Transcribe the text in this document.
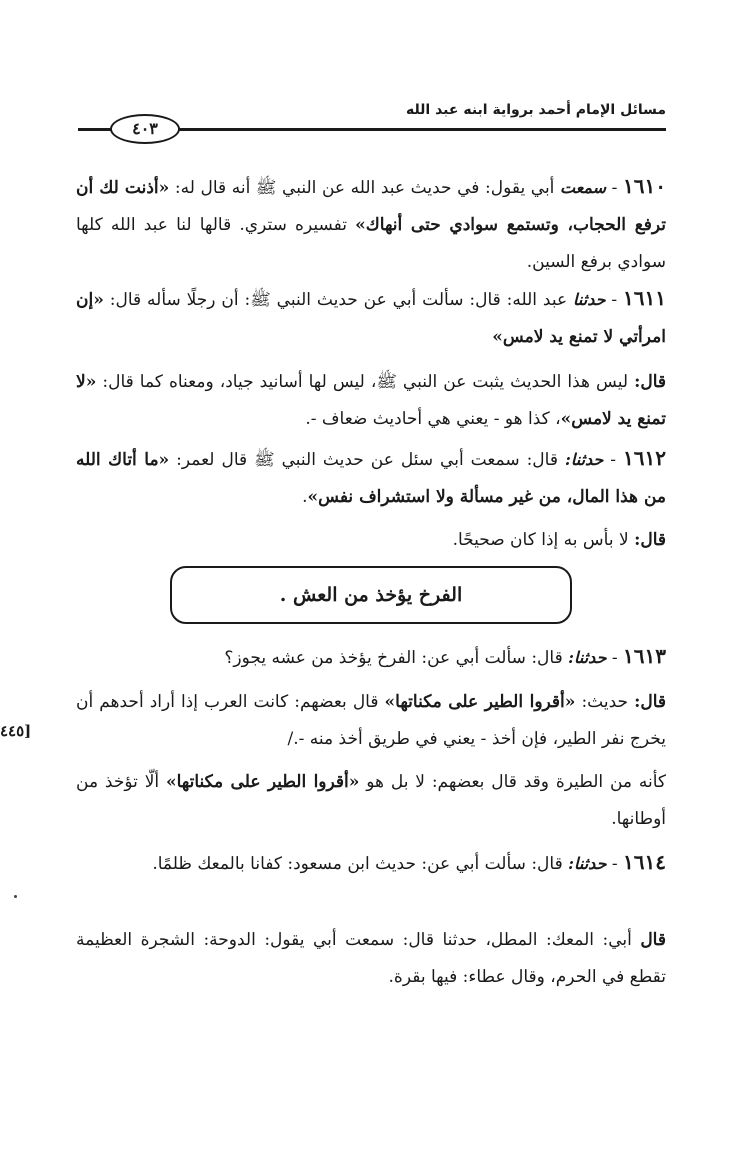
مسائل الإمام أحمد برواية ابنه عبد الله
٤٠٣

١٦١٠ - سمعت أبي يقول: في حديث عبد الله عن النبي ﷺ أنه قال له: «أذنت لك أن ترفع الحجاب، وتستمع سوادي حتى أنهاك» تفسيره ستري. قالها لنا عبد الله كلها سوادي برفع السين.

١٦١١ - حدثنا عبد الله: قال: سألت أبي عن حديث النبي ﷺ: أن رجلًا سأله قال: «إن امرأتي لا تمنع يد لامس»

قال: ليس هذا الحديث يثبت عن النبي ﷺ، ليس لها أسانيد جياد، ومعناه كما قال: «لا تمنع يد لامس»، كذا هو - يعني هي أحاديث ضعاف -.

١٦١٢ - حدثنا: قال: سمعت أبي سئل عن حديث النبي ﷺ قال لعمر: «ما أتاك الله من هذا المال، من غير مسألة ولا استشراف نفس».

قال: لا بأس به إذا كان صحيحًا.

الفرخ يؤخذ من العش .

١٦١٣ - حدثنا: قال: سألت أبي عن: الفرخ يؤخذ من عشه يجوز؟

[٤٤٥

قال: حديث: «أقروا الطير على مكناتها» قال بعضهم: كانت العرب إذا أراد أحدهم أن يخرج نفر الطير، فإن أخذ - يعني في طريق أخذ منه -./

كأنه من الطيرة وقد قال بعضهم: لا بل هو «أقروا الطير على مكناتها» ألّا تؤخذ من أوطانها.

١٦١٤ - حدثنا: قال: سألت أبي عن: حديث ابن مسعود: كفانا بالمعك ظلمًا.

قال أبي: المعك: المطل، حدثنا قال: سمعت أبي يقول: الدوحة: الشجرة العظيمة تقطع في الحرم، وقال عطاء: فيها بقرة.
